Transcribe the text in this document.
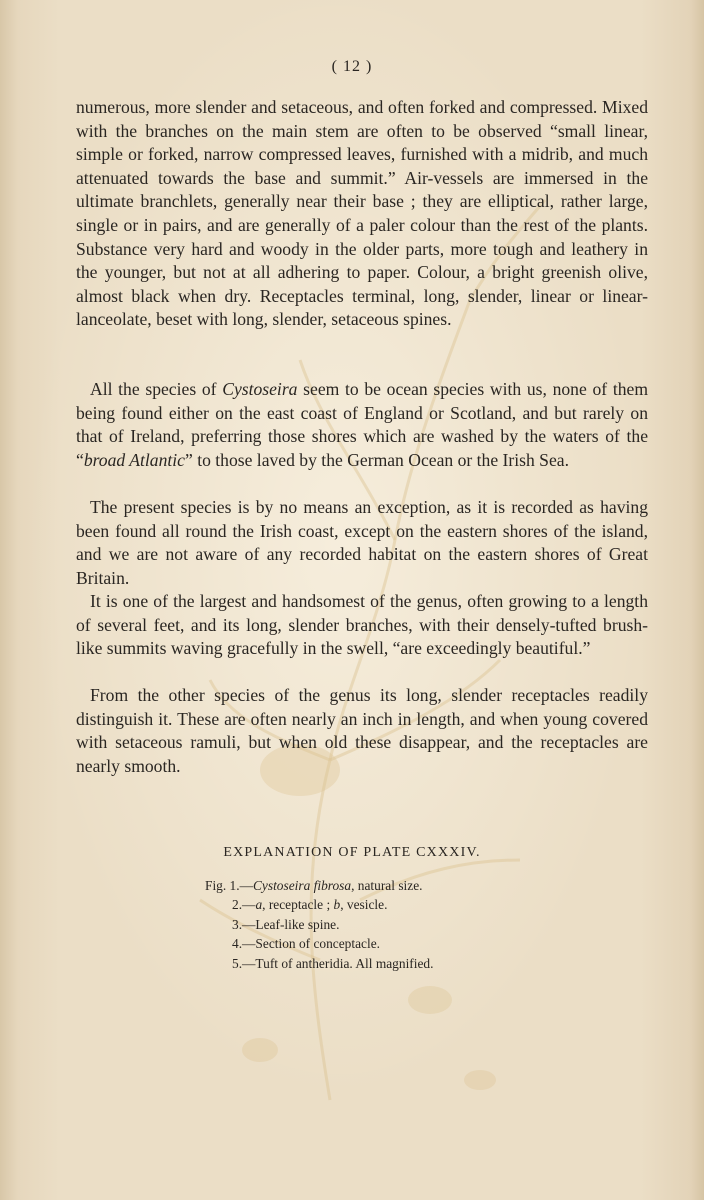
( 12 )

numerous, more slender and setaceous, and often forked and compressed. Mixed with the branches on the main stem are often to be observed “small linear, simple or forked, narrow compressed leaves, furnished with a midrib, and much attenuated towards the base and summit.” Air-vessels are immersed in the ultimate branchlets, generally near their base ; they are elliptical, rather large, single or in pairs, and are generally of a paler colour than the rest of the plants. Substance very hard and woody in the older parts, more tough and leathery in the younger, but not at all adhering to paper. Colour, a bright greenish olive, almost black when dry. Receptacles terminal, long, slender, linear or linear-lanceolate, beset with long, slender, setaceous spines.

All the species of Cystoseira seem to be ocean species with us, none of them being found either on the east coast of England or Scotland, and but rarely on that of Ireland, preferring those shores which are washed by the waters of the “broad Atlantic” to those laved by the German Ocean or the Irish Sea.

The present species is by no means an exception, as it is recorded as having been found all round the Irish coast, except on the eastern shores of the island, and we are not aware of any recorded habitat on the eastern shores of Great Britain.

It is one of the largest and handsomest of the genus, often growing to a length of several feet, and its long, slender branches, with their densely-tufted brush-like summits waving gracefully in the swell, “are exceedingly beautiful.”

From the other species of the genus its long, slender receptacles readily distinguish it. These are often nearly an inch in length, and when young covered with setaceous ramuli, but when old these disappear, and the receptacles are nearly smooth.

EXPLANATION OF PLATE CXXXIV.
Fig. 1.—Cystoseira fibrosa, natural size.
2.—a, receptacle ; b, vesicle.
3.—Leaf-like spine.
4.—Section of conceptacle.
5.—Tuft of antheridia. All magnified.
